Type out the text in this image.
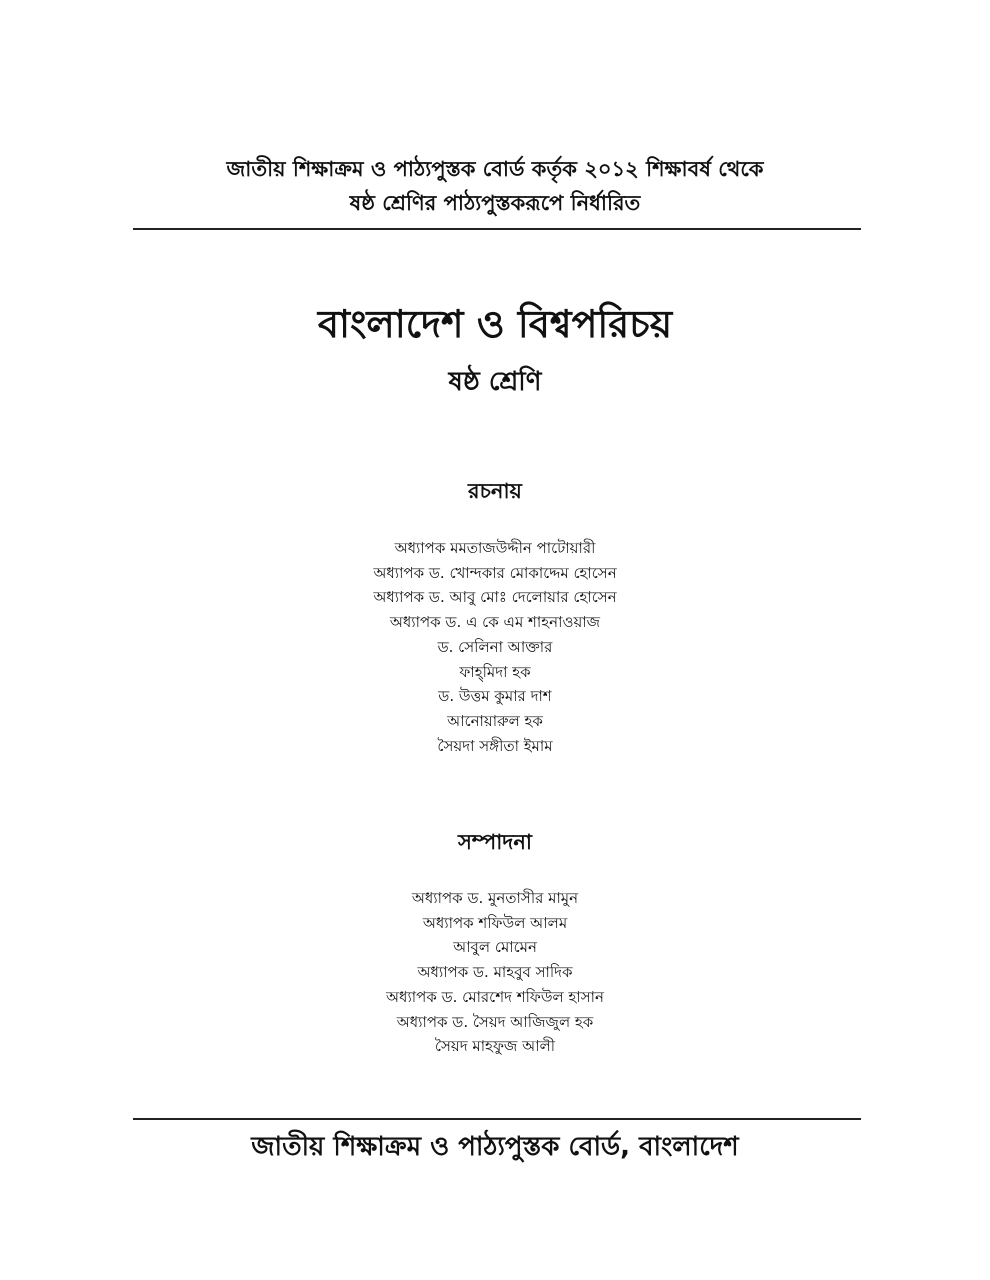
জাতীয় শিক্ষাক্রম ও পাঠ্যপুস্তক বোর্ড কর্তৃক ২০১২ শিক্ষাবর্ষ থেকে
ষষ্ঠ শ্রেণির পাঠ্যপুস্তকরূপে নির্ধারিত
বাংলাদেশ ও বিশ্বপরিচয়
ষষ্ঠ শ্রেণি
রচনায়
অধ্যাপক মমতাজউদ্দীন পাটোয়ারী
অধ্যাপক ড. খোন্দকার মোকাদ্দেম হোসেন
অধ্যাপক ড. আবু মোঃ দেলোয়ার হোসেন
অধ্যাপক ড. এ কে এম শাহনাওয়াজ
ড. সেলিনা আক্তার
ফাহ্‌মিদা হক
ড. উত্তম কুমার দাশ
আনোয়ারুল হক
সৈয়দা সঙ্গীতা ইমাম
সম্পাদনা
অধ্যাপক ড. মুনতাসীর মামুন
অধ্যাপক শফিউল আলম
আবুল মোমেন
অধ্যাপক ড. মাহবুব সাদিক
অধ্যাপক ড. মোরশেদ শফিউল হাসান
অধ্যাপক ড. সৈয়দ আজিজুল হক
সৈয়দ মাহফুজ আলী
জাতীয় শিক্ষাক্রম ও পাঠ্যপুস্তক বোর্ড, বাংলাদেশ
